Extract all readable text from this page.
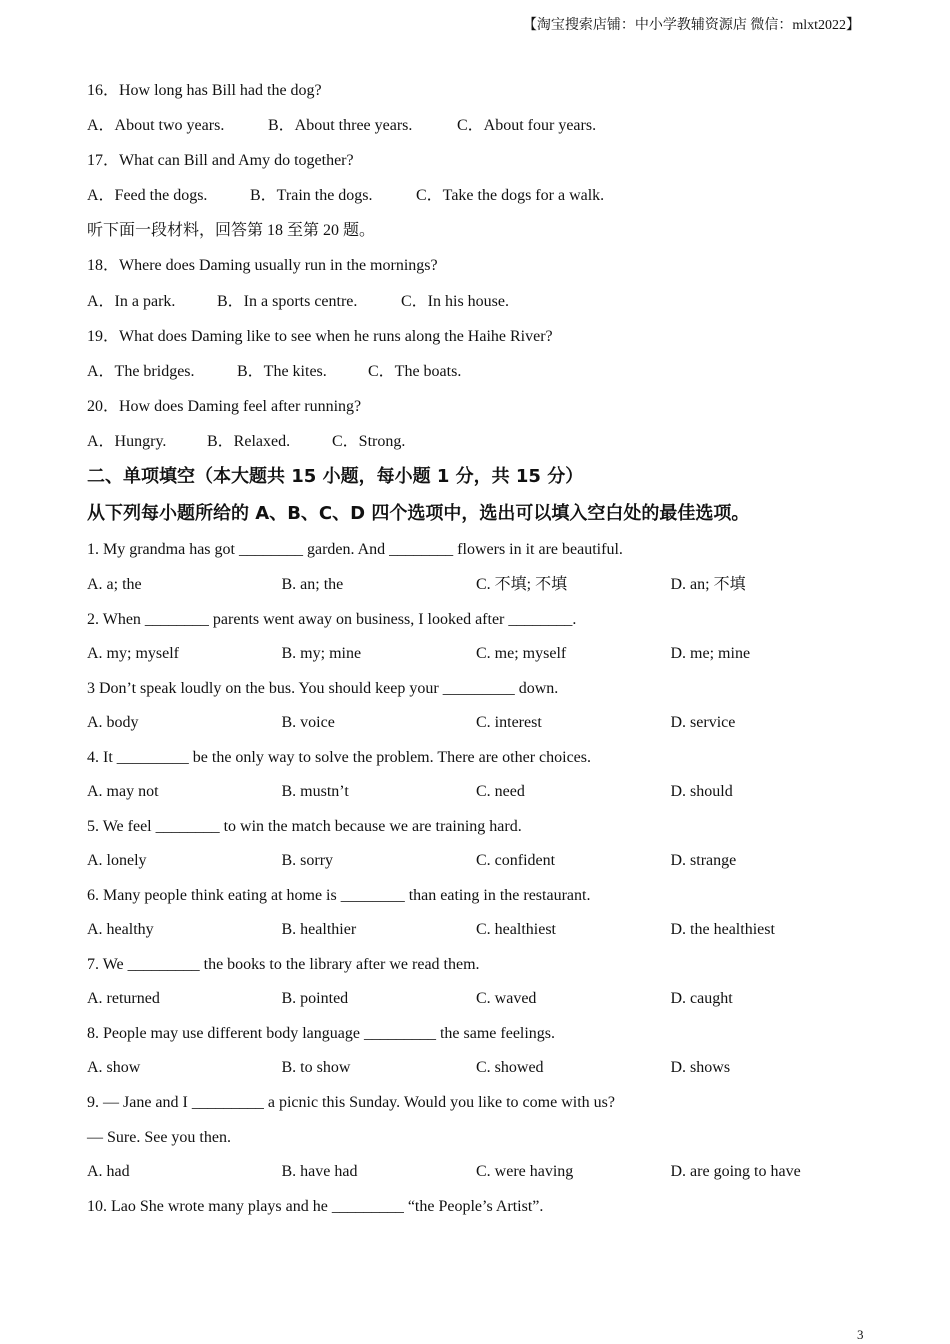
【淘宝搜索店铺：中小学教辅资源店 微信：mlxt2022】
16．How long has Bill had the dog?
A．About two years.	B．About three years.	C．About four years.
17．What can Bill and Amy do together?
A．Feed the dogs.	B．Train the dogs.	C．Take the dogs for a walk.
听下面一段材料，回答第 18 至第 20 题。
18．Where does Daming usually run in the mornings?
A．In a park.	B．In a sports centre.	C．In his house.
19．What does Daming like to see when he runs along the Haihe River?
A．The bridges.	B．The kites.	C．The boats.
20．How does Daming feel after running?
A．Hungry.	B．Relaxed.	C．Strong.
二、单项填空（本大题共 15 小题，每小题 1 分，共 15 分）
从下列每小题所给的 A、B、C、D 四个选项中，选出可以填入空白处的最佳选项。
1. My grandma has got ________ garden. And ________ flowers in it are beautiful.
A. a; the	B. an; the	C. 不填; 不填	D. an; 不填
2. When ________ parents went away on business, I looked after ________.
A. my; myself	B. my; mine	C. me; myself	D. me; mine
3 Don’t speak loudly on the bus. You should keep your _________ down.
A. body	B. voice	C. interest	D. service
4. It _________ be the only way to solve the problem. There are other choices.
A. may not	B. mustn’t	C. need	D. should
5. We feel ________ to win the match because we are training hard.
A. lonely	B. sorry	C. confident	D. strange
6. Many people think eating at home is ________ than eating in the restaurant.
A. healthy	B. healthier	C. healthiest	D. the healthiest
7. We _________ the books to the library after we read them.
A. returned	B. pointed	C. waved	D. caught
8. People may use different body language _________ the same feelings.
A. show	B. to show	C. showed	D. shows
9. — Jane and I _________ a picnic this Sunday. Would you like to come with us?
— Sure. See you then.
A. had	B. have had	C. were having	D. are going to have
10. Lao She wrote many plays and he _________ “the People’s Artist”.
3
